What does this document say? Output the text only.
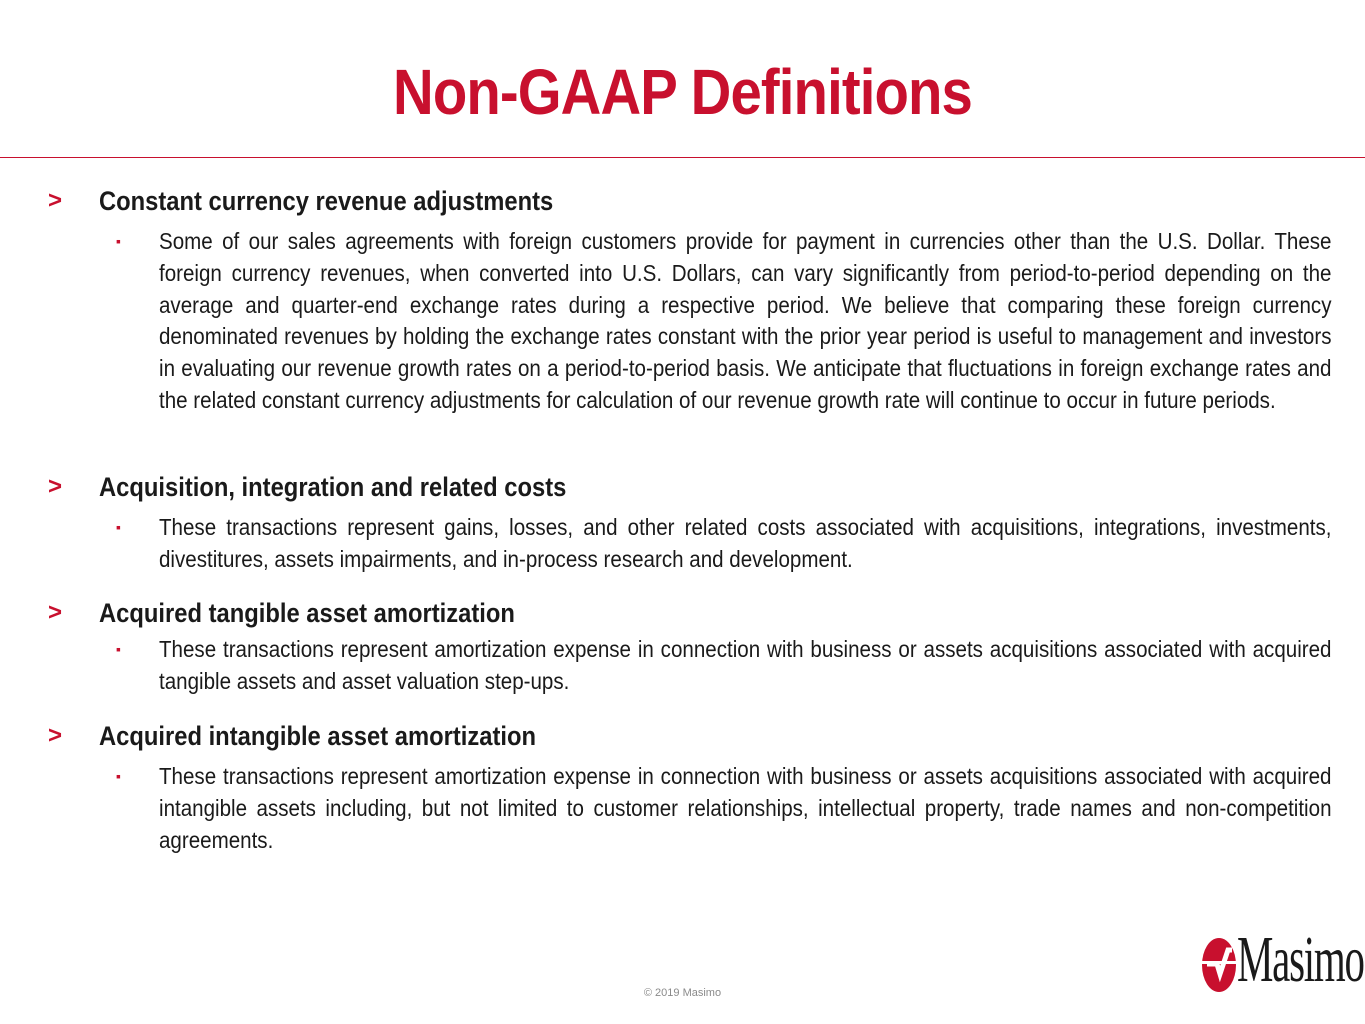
Non-GAAP Definitions
> Constant currency revenue adjustments
▪ Some of our sales agreements with foreign customers provide for payment in currencies other than the U.S. Dollar. These foreign currency revenues, when converted into U.S. Dollars, can vary significantly from period-to-period depending on the average and quarter-end exchange rates during a respective period. We believe that comparing these foreign currency denominated revenues by holding the exchange rates constant with the prior year period is useful to management and investors in evaluating our revenue growth rates on a period-to-period basis. We anticipate that fluctuations in foreign exchange rates and the related constant currency adjustments for calculation of our revenue growth rate will continue to occur in future periods.
> Acquisition, integration and related costs
▪ These transactions represent gains, losses, and other related costs associated with acquisitions, integrations, investments, divestitures, assets impairments, and in-process research and development.
> Acquired tangible asset amortization
▪ These transactions represent amortization expense in connection with business or assets acquisitions associated with acquired tangible assets and asset valuation step-ups.
> Acquired intangible asset amortization
▪ These transactions represent amortization expense in connection with business or assets acquisitions associated with acquired intangible assets including, but not limited to customer relationships, intellectual property, trade names and non-competition agreements.
© 2019 Masimo	Masimo
